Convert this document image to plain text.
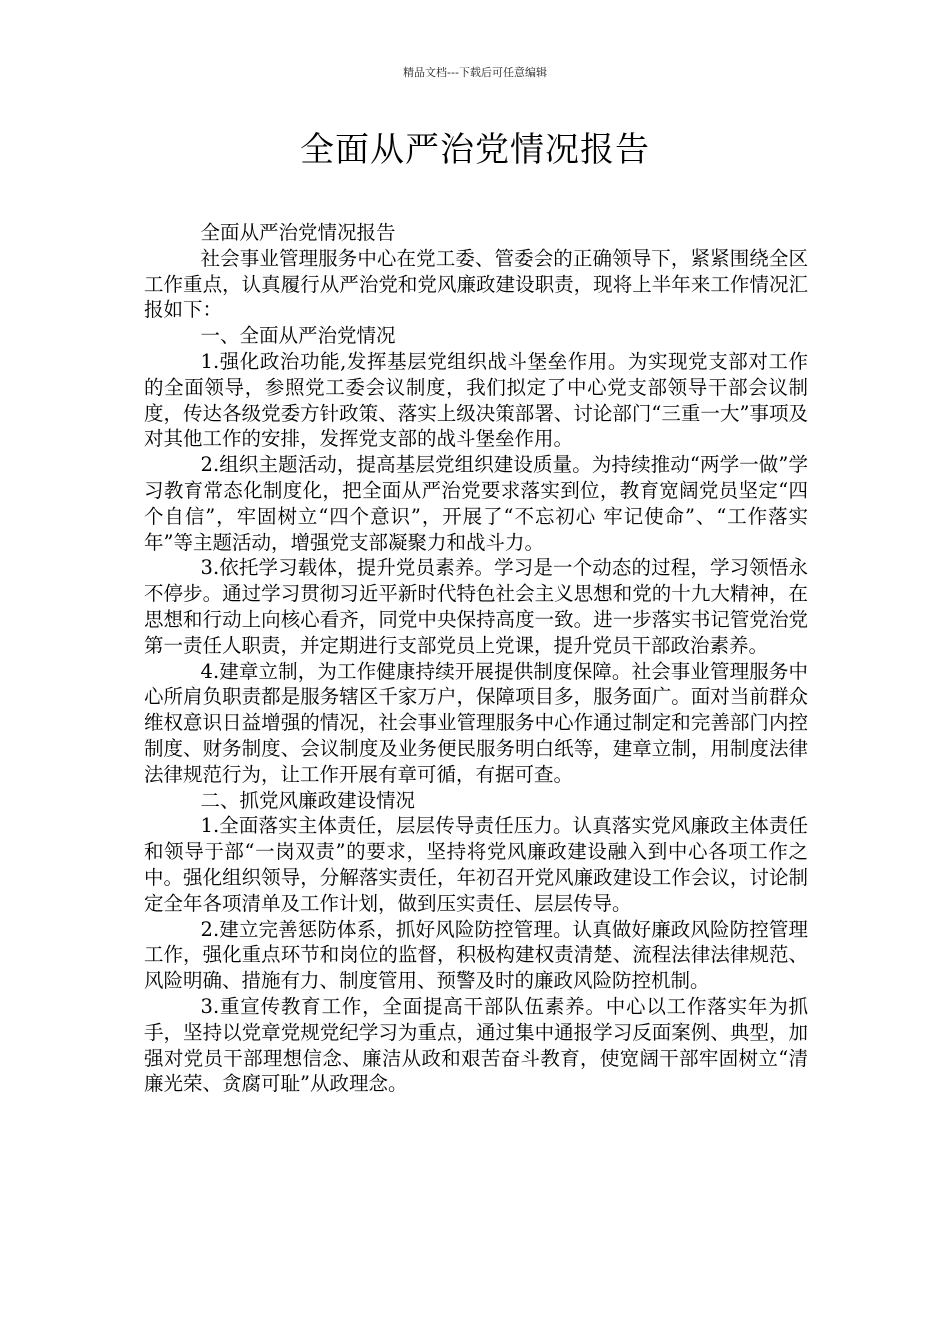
精品文档---下载后可任意编辑
全面从严治党情况报告

全面从严治党情况报告

社会事业管理服务中心在党工委、管委会的正确领导下，紧紧围绕全区工作重点，认真履行从严治党和党风廉政建设职责，现将上半年来工作情况汇报如下：

一、全面从严治党情况

1.强化政治功能,发挥基层党组织战斗堡垒作用。为实现党支部对工作的全面领导，参照党工委会议制度，我们拟定了中心党支部领导干部会议制度，传达各级党委方针政策、落实上级决策部署、讨论部门“三重一大”事项及对其他工作的安排，发挥党支部的战斗堡垒作用。

2.组织主题活动，提高基层党组织建设质量。为持续推动“两学一做”学习教育常态化制度化，把全面从严治党要求落实到位，教育宽阔党员坚定“四个自信”，牢固树立“四个意识”，开展了“不忘初心 牢记使命”、“工作落实年”等主题活动，增强党支部凝聚力和战斗力。

3.依托学习载体，提升党员素养。学习是一个动态的过程，学习领悟永不停步。通过学习贯彻习近平新时代特色社会主义思想和党的十九大精神，在思想和行动上向核心看齐，同党中央保持高度一致。进一步落实书记管党治党第一责任人职责，并定期进行支部党员上党课，提升党员干部政治素养。

4.建章立制，为工作健康持续开展提供制度保障。社会事业管理服务中心所肩负职责都是服务辖区千家万户，保障项目多，服务面广。面对当前群众维权意识日益增强的情况，社会事业管理服务中心作通过制定和完善部门内控制度、财务制度、会议制度及业务便民服务明白纸等，建章立制，用制度法律法律规范行为，让工作开展有章可循，有据可查。

二、抓党风廉政建设情况

1.全面落实主体责任，层层传导责任压力。认真落实党风廉政主体责任和领导于部“一岗双责”的要求，坚持将党风廉政建设融入到中心各项工作之中。强化组织领导，分解落实责任，年初召开党风廉政建设工作会议，讨论制定全年各项清单及工作计划，做到压实责任、层层传导。

2.建立完善惩防体系，抓好风险防控管理。认真做好廉政风险防控管理工作，强化重点环节和岗位的监督，积极构建权责清楚、流程法律法律规范、风险明确、措施有力、制度管用、预警及时的廉政风险防控机制。

3.重宣传教育工作，全面提高干部队伍素养。中心以工作落实年为抓手，坚持以党章党规党纪学习为重点，通过集中通报学习反面案例、典型，加强对党员干部理想信念、廉洁从政和艰苦奋斗教育，使宽阔干部牢固树立“清廉光荣、贪腐可耻”从政理念。
